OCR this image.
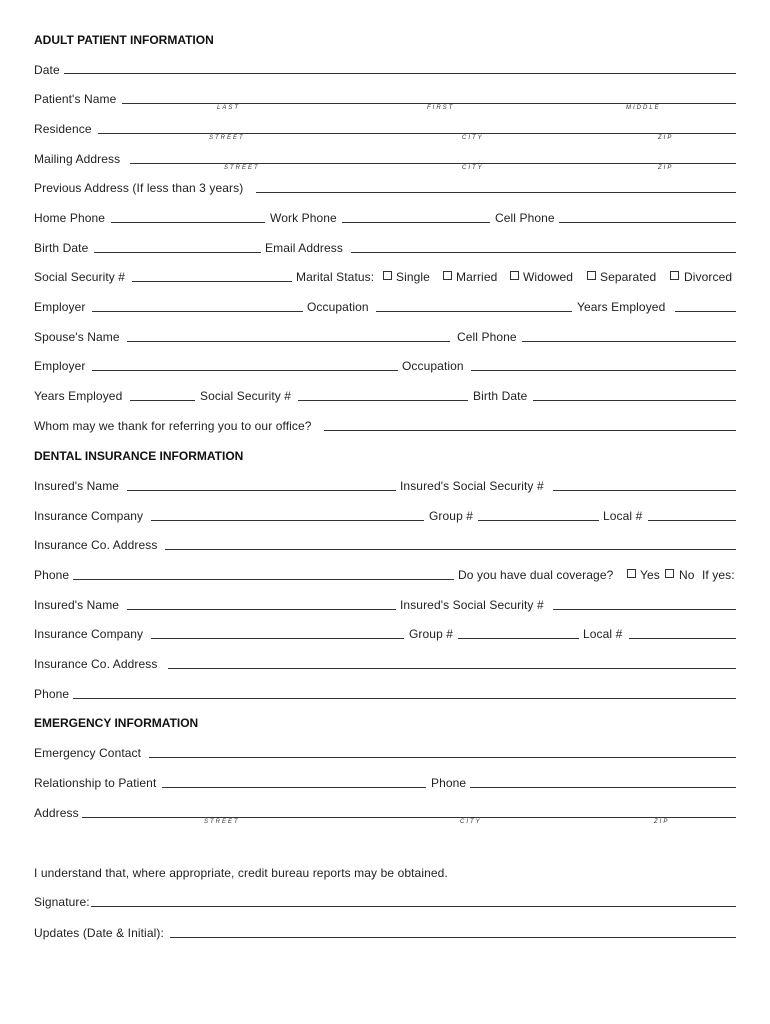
ADULT PATIENT INFORMATION
Date
Patient's Name
LAST	FIRST	MIDDLE
Residence
STREET	CITY	ZIP
Mailing Address
STREET	CITY	ZIP
Previous Address (If less than 3 years)
Home Phone	Work Phone	Cell Phone
Birth Date	Email Address
Social Security #	Marital Status: Single Married Widowed Separated Divorced
Employer	Occupation	Years Employed
Spouse's Name	Cell Phone
Employer	Occupation
Years Employed	Social Security #	Birth Date
Whom may we thank for referring you to our office?
DENTAL INSURANCE INFORMATION
Insured's Name	Insured's Social Security #
Insurance Company	Group #	Local #
Insurance Co. Address
Phone	Do you have dual coverage? Yes No If yes:
Insured's Name	Insured's Social Security #
Insurance Company	Group #	Local #
Insurance Co. Address
Phone
EMERGENCY INFORMATION
Emergency Contact
Relationship to Patient	Phone
Address
STREET	CITY	ZIP
I understand that, where appropriate, credit bureau reports may be obtained.
Signature:
Updates (Date & Initial):
